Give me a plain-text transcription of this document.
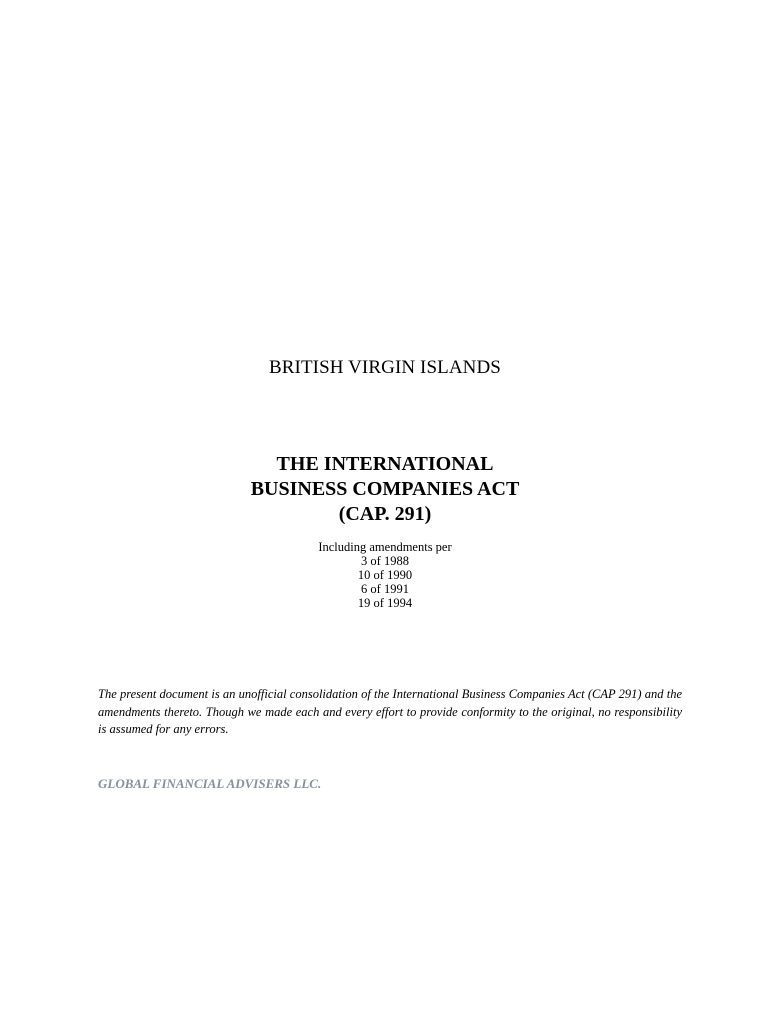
BRITISH VIRGIN ISLANDS
THE INTERNATIONAL
BUSINESS COMPANIES ACT
(CAP. 291)
Including amendments per
3 of 1988
10 of 1990
6 of 1991
19 of 1994
The present document is an unofficial consolidation of the International Business Companies Act (CAP 291) and the amendments thereto. Though we made each and every effort to provide conformity to the original, no responsibility is assumed for any errors.
GLOBAL FINANCIAL ADVISERS LLC.
